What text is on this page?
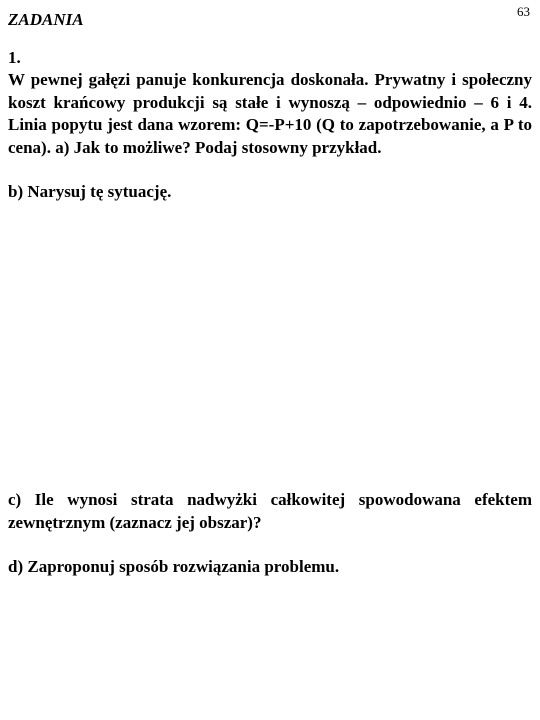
63
ZADANIA
1.
W pewnej gałęzi panuje konkurencja doskonała. Prywatny i społeczny koszt krańcowy produkcji są stałe i wynoszą – odpowiednio – 6 i 4. Linia popytu jest dana wzorem: Q=-P+10 (Q to zapotrzebowanie, a P to cena). a) Jak to możliwe? Podaj stosowny przykład.
b) Narysuj tę sytuację.
c) Ile wynosi strata nadwyżki całkowitej spowodowana efektem zewnętrznym (zaznacz jej obszar)?
d) Zaproponuj sposób rozwiązania problemu.
